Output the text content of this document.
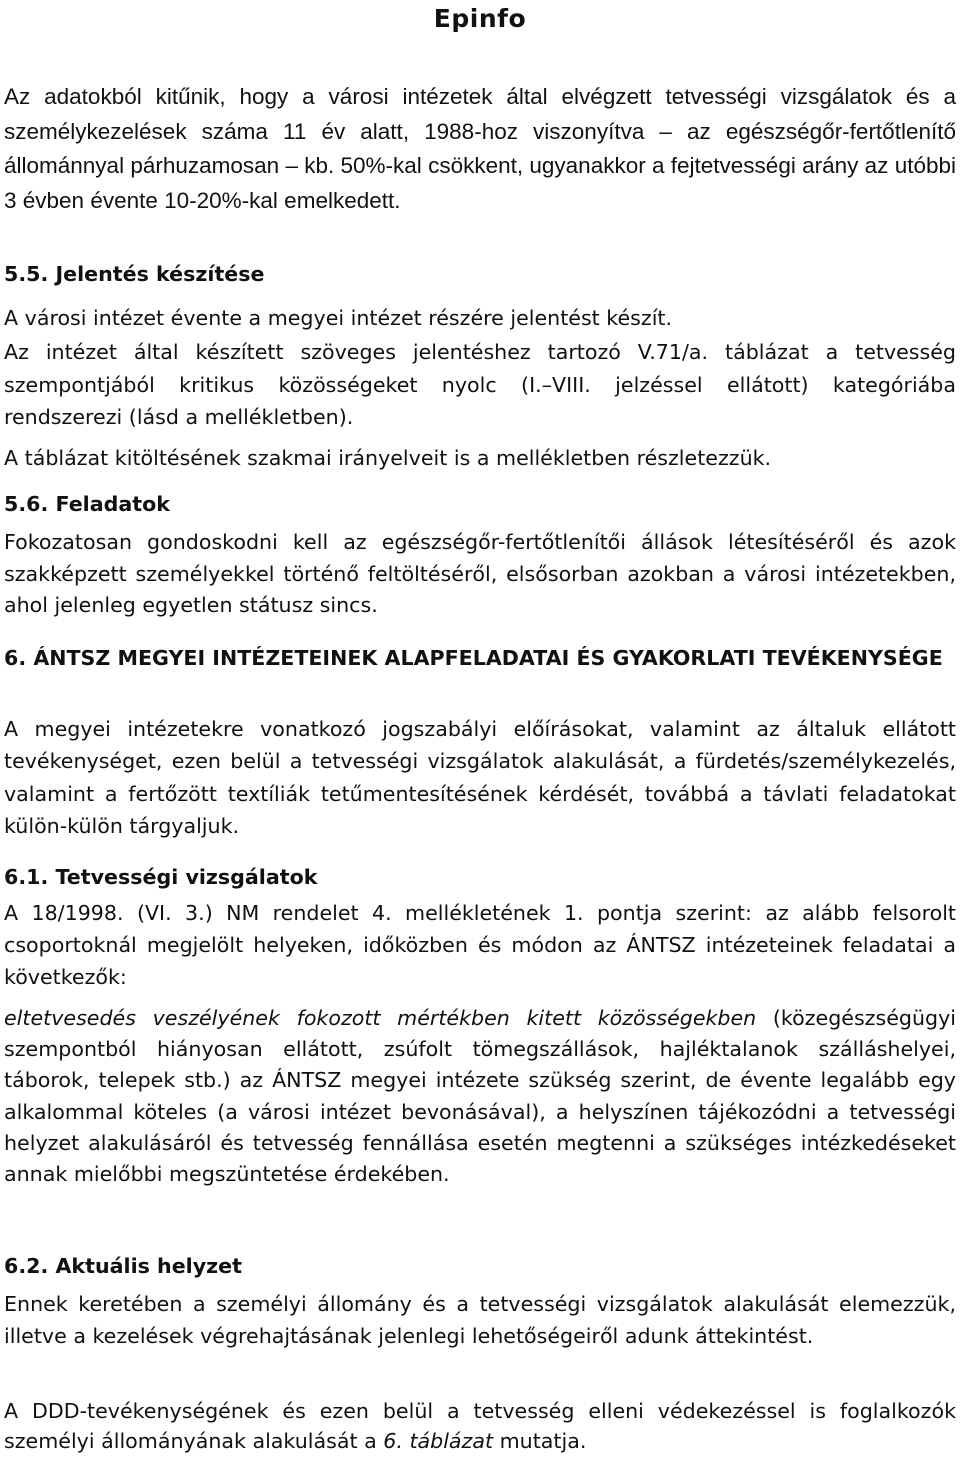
Epinfo

Az adatokból kitűnik, hogy a városi intézetek által elvégzett tetvességi vizsgálatok és a személykezelések száma 11 év alatt, 1988-hoz viszonyítva – az egészségőr-fertőtlenítő állománnyal párhuzamosan – kb. 50%-kal csökkent, ugyanakkor a fejtetvességi arány az utóbbi 3 évben évente 10-20%-kal emelkedett.

5.5. Jelentés készítése

A városi intézet évente a megyei intézet részére jelentést készít.

Az intézet által készített szöveges jelentéshez tartozó V.71/a. táblázat a tetvesség szempontjából kritikus közösségeket nyolc (I.–VIII. jelzéssel ellátott) kategóriába rendszerezi (lásd a mellékletben).

A táblázat kitöltésének szakmai irányelveit is a mellékletben részletezzük.

5.6. Feladatok

Fokozatosan gondoskodni kell az egészségőr-fertőtlenítői állások létesítéséről és azok szakképzett személyekkel történő feltöltéséről, elsősorban azokban a városi intézetekben, ahol jelenleg egyetlen státusz sincs.

6. ÁNTSZ MEGYEI INTÉZETEINEK ALAPFELADATAI ÉS GYAKORLATI TEVÉKENYSÉGE

A megyei intézetekre vonatkozó jogszabályi előírásokat, valamint az általuk ellátott tevékenységet, ezen belül a tetvességi vizsgálatok alakulását, a fürdetés/személykezelés, valamint a fertőzött textíliák tetűmentesítésének kérdését, továbbá a távlati feladatokat külön-külön tárgyaljuk.

6.1. Tetvességi vizsgálatok

A 18/1998. (VI. 3.) NM rendelet 4. mellékletének 1. pontja szerint: az alább felsorolt csoportoknál megjelölt helyeken, időközben és módon az ÁNTSZ intézeteinek feladatai a következők:

eltetvesedés veszélyének fokozott mértékben kitett közösségekben (közegészségügyi szempontból hiányosan ellátott, zsúfolt tömegszállások, hajléktalanok szálláshelyei, táborok, telepek stb.) az ÁNTSZ megyei intézete szükség szerint, de évente legalább egy alkalommal köteles (a városi intézet bevonásával), a helyszínen tájékozódni a tetvességi helyzet alakulásáról és tetvesség fennállása esetén megtenni a szükséges intézkedéseket annak mielőbbi megszüntetése érdekében.

6.2. Aktuális helyzet

Ennek keretében a személyi állomány és a tetvességi vizsgálatok alakulását elemezzük, illetve a kezelések végrehajtásának jelenlegi lehetőségeiről adunk áttekintést.

A DDD-tevékenységének és ezen belül a tetvesség elleni védekezéssel is foglalkozók személyi állományának alakulását a 6. táblázat mutatja.
